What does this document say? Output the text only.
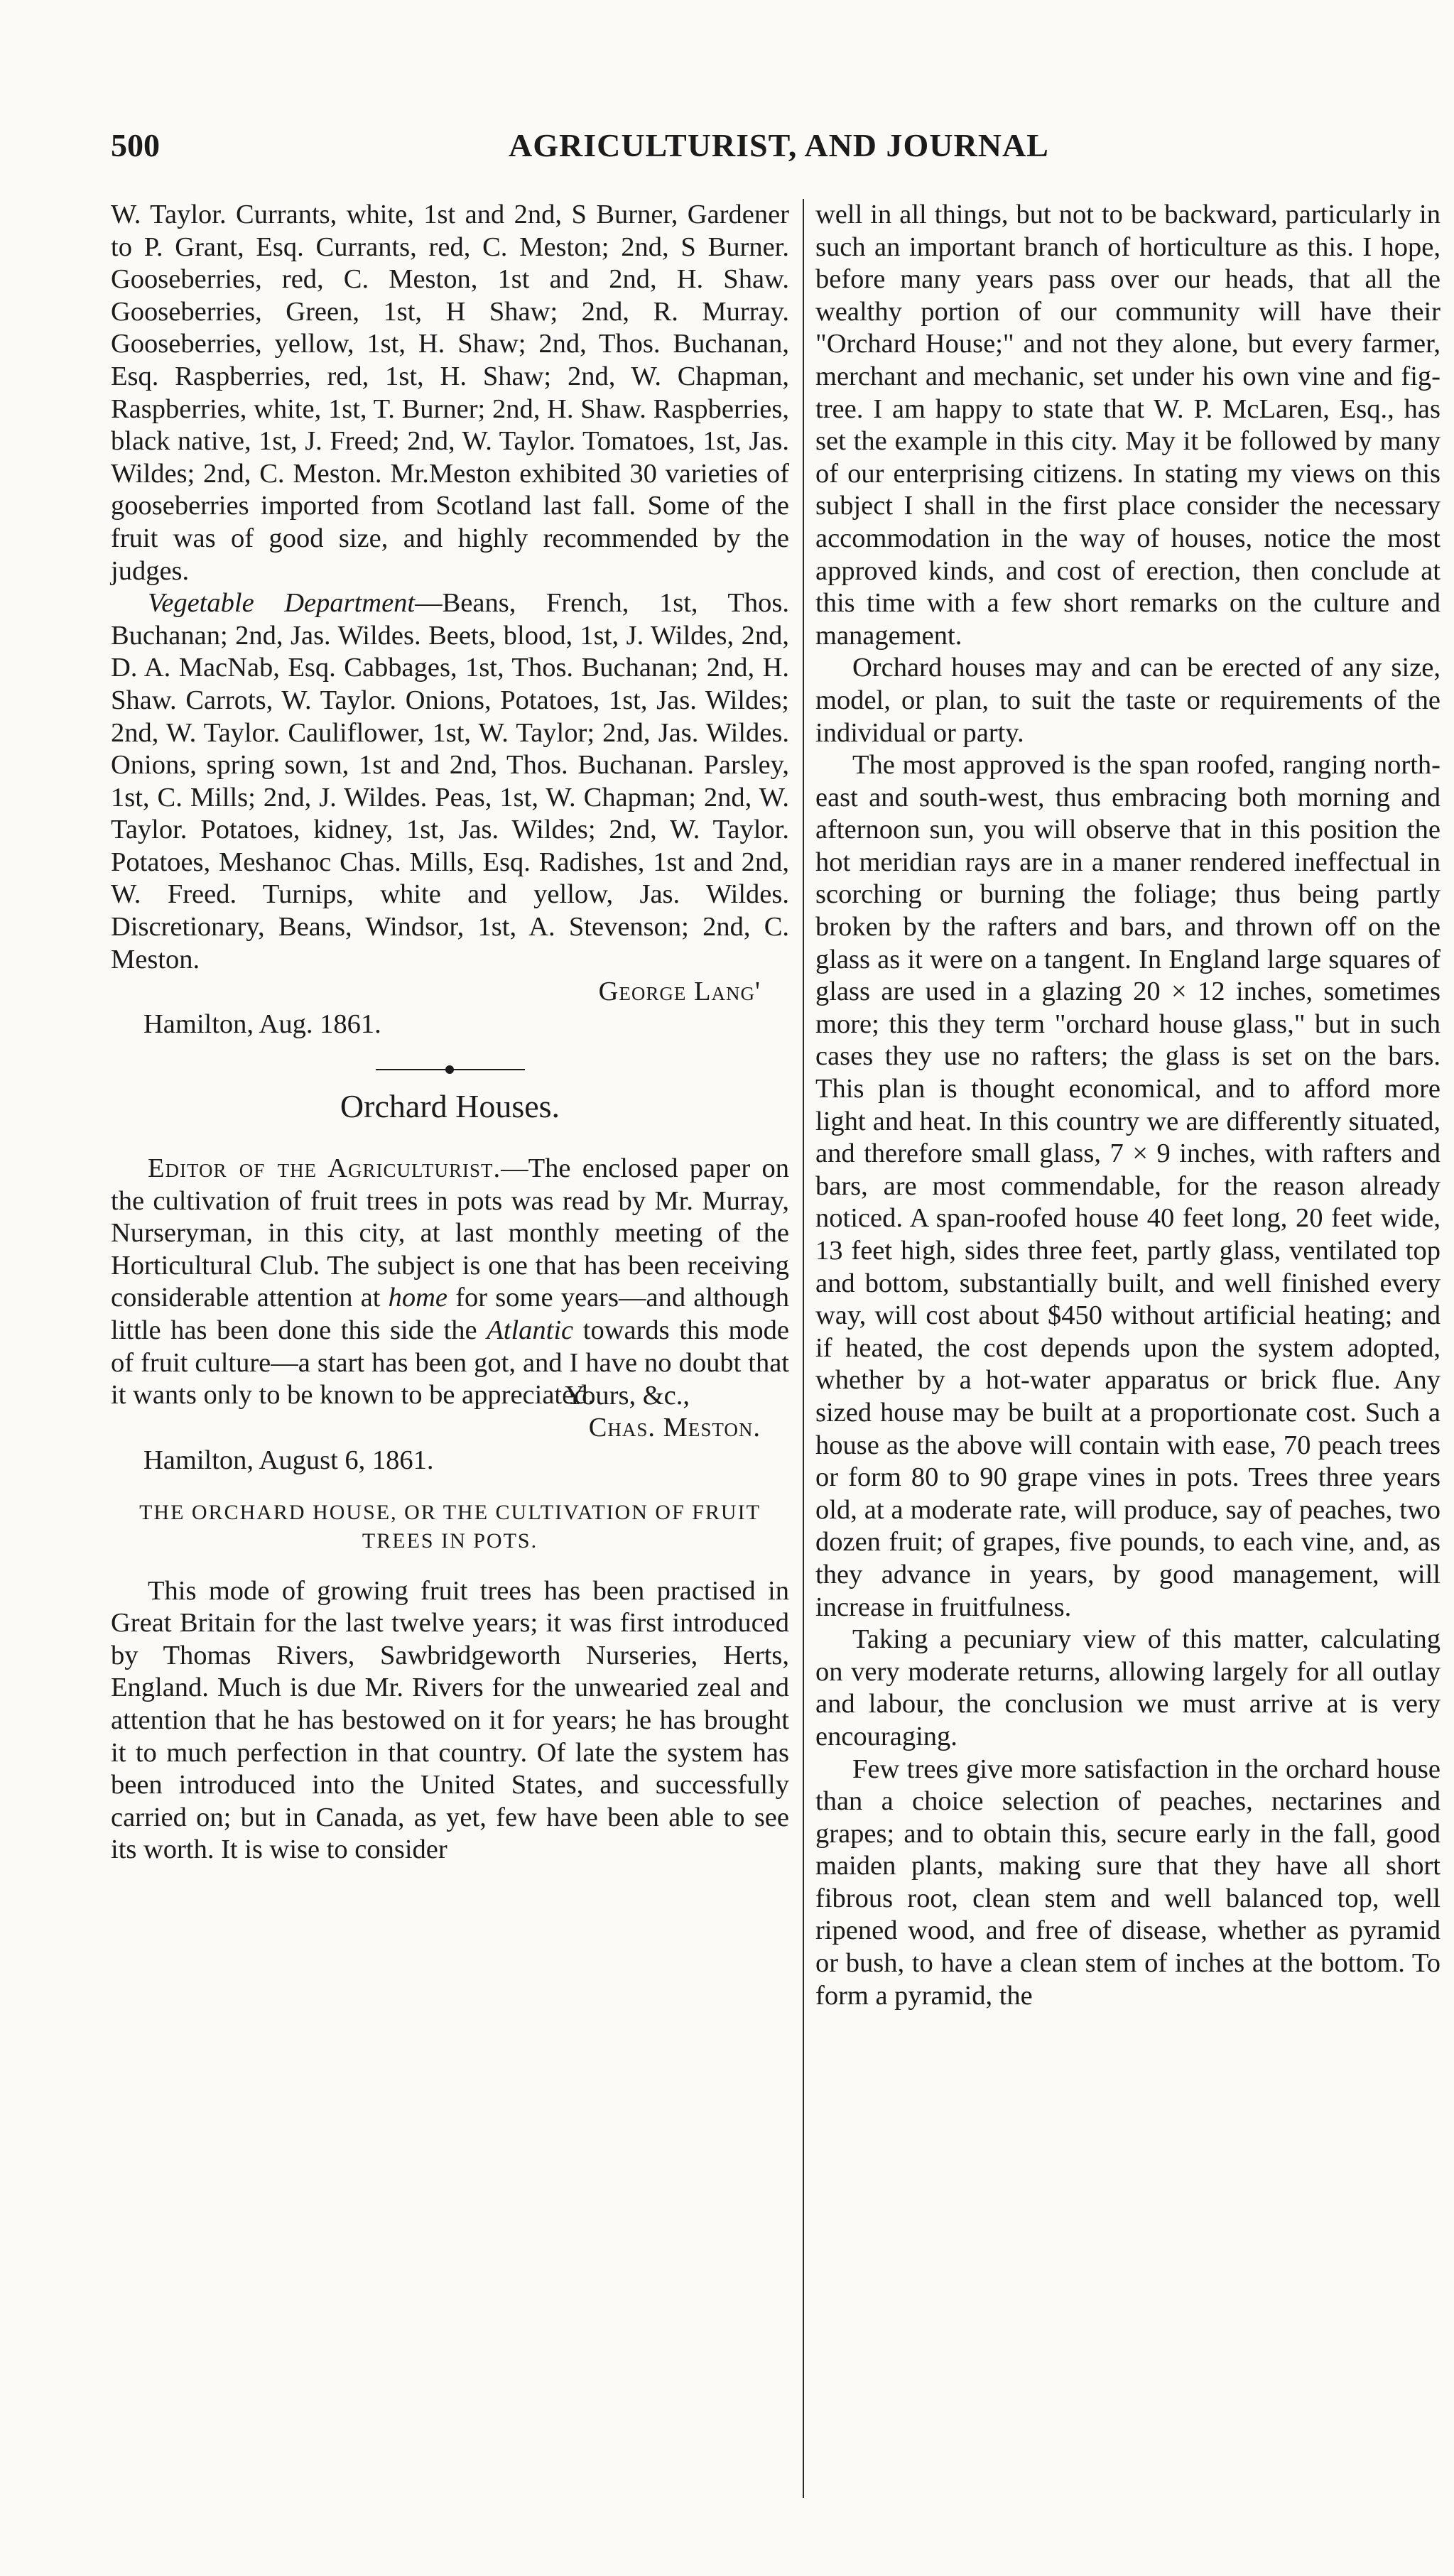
500	AGRICULTURIST, AND JOURNAL

W. Taylor. Currants, white, 1st and 2nd, S Burner, Gardener to P. Grant, Esq. Currants, red, C. Meston; 2nd, S Burner. Gooseberries, red, C. Meston, 1st and 2nd, H. Shaw. Gooseberries, Green, 1st, H Shaw; 2nd, R. Murray. Gooseberries, yellow, 1st, H. Shaw; 2nd, Thos. Buchanan, Esq. Raspberries, red, 1st, H. Shaw; 2nd, W. Chapman, Raspberries, white, 1st, T. Burner; 2nd, H. Shaw. Raspberries, black native, 1st, J. Freed; 2nd, W. Taylor. Tomatoes, 1st, Jas. Wildes; 2nd, C. Meston. Mr.Meston exhibited 30 varieties of gooseberries imported from Scotland last fall. Some of the fruit was of good size, and highly recommended by the judges.

Vegetable Department—Beans, French, 1st, Thos. Buchanan; 2nd, Jas. Wildes. Beets, blood, 1st, J. Wildes, 2nd, D. A. MacNab, Esq. Cabbages, 1st, Thos. Buchanan; 2nd, H. Shaw. Carrots, W. Taylor. Onions, Potatoes, 1st, Jas. Wildes; 2nd, W. Taylor. Cauliflower, 1st, W. Taylor; 2nd, Jas. Wildes. Onions, spring sown, 1st and 2nd, Thos. Buchanan. Parsley, 1st, C. Mills; 2nd, J. Wildes. Peas, 1st, W. Chapman; 2nd, W. Taylor. Potatoes, kidney, 1st, Jas. Wildes; 2nd, W. Taylor. Potatoes, Meshanoc Chas. Mills, Esq. Radishes, 1st and 2nd, W. Freed. Turnips, white and yellow, Jas. Wildes. Discretionary, Beans, Windsor, 1st, A. Stevenson; 2nd, C. Meston.

George Lang'

Hamilton, Aug. 1861.

Orchard Houses.

Editor of the Agriculturist.—The enclosed paper on the cultivation of fruit trees in pots was read by Mr. Murray, Nurseryman, in this city, at last monthly meeting of the Horticultural Club. The subject is one that has been receiving considerable attention at home for some years—and although little has been done this side the Atlantic towards this mode of fruit culture—a start has been got, and I have no doubt that it wants only to be known to be appreciated.

Yours, &c.,

Chas. Meston.

Hamilton, August 6, 1861.

THE ORCHARD HOUSE, OR THE CULTIVATION OF FRUIT TREES IN POTS.

This mode of growing fruit trees has been practised in Great Britain for the last twelve years; it was first introduced by Thomas Rivers, Sawbridgeworth Nurseries, Herts, England. Much is due Mr. Rivers for the unwearied zeal and attention that he has bestowed on it for years; he has brought it to much perfection in that country. Of late the system has been introduced into the United States, and successfully carried on; but in Canada, as yet, few have been able to see its worth. It is wise to consider

well in all things, but not to be backward, particularly in such an important branch of horticulture as this. I hope, before many years pass over our heads, that all the wealthy portion of our community will have their "Orchard House;" and not they alone, but every farmer, merchant and mechanic, set under his own vine and fig-tree. I am happy to state that W. P. McLaren, Esq., has set the example in this city. May it be followed by many of our enterprising citizens. In stating my views on this subject I shall in the first place consider the necessary accommodation in the way of houses, notice the most approved kinds, and cost of erection, then conclude at this time with a few short remarks on the culture and management.

Orchard houses may and can be erected of any size, model, or plan, to suit the taste or requirements of the individual or party.

The most approved is the span roofed, ranging north-east and south-west, thus embracing both morning and afternoon sun, you will observe that in this position the hot meridian rays are in a maner rendered ineffectual in scorching or burning the foliage; thus being partly broken by the rafters and bars, and thrown off on the glass as it were on a tangent. In England large squares of glass are used in a glazing 20 × 12 inches, sometimes more; this they term "orchard house glass," but in such cases they use no rafters; the glass is set on the bars. This plan is thought economical, and to afford more light and heat. In this country we are differently situated, and therefore small glass, 7 × 9 inches, with rafters and bars, are most commendable, for the reason already noticed. A span-roofed house 40 feet long, 20 feet wide, 13 feet high, sides three feet, partly glass, ventilated top and bottom, substantially built, and well finished every way, will cost about $450 without artificial heating; and if heated, the cost depends upon the system adopted, whether by a hot-water apparatus or brick flue. Any sized house may be built at a proportionate cost. Such a house as the above will contain with ease, 70 peach trees or form 80 to 90 grape vines in pots. Trees three years old, at a moderate rate, will produce, say of peaches, two dozen fruit; of grapes, five pounds, to each vine, and, as they advance in years, by good management, will increase in fruitfulness.

Taking a pecuniary view of this matter, calculating on very moderate returns, allowing largely for all outlay and labour, the conclusion we must arrive at is very encouraging.

Few trees give more satisfaction in the orchard house than a choice selection of peaches, nectarines and grapes; and to obtain this, secure early in the fall, good maiden plants, making sure that they have all short fibrous root, clean stem and well balanced top, well ripened wood, and free of disease, whether as pyramid or bush, to have a clean stem of inches at the bottom. To form a pyramid, the
